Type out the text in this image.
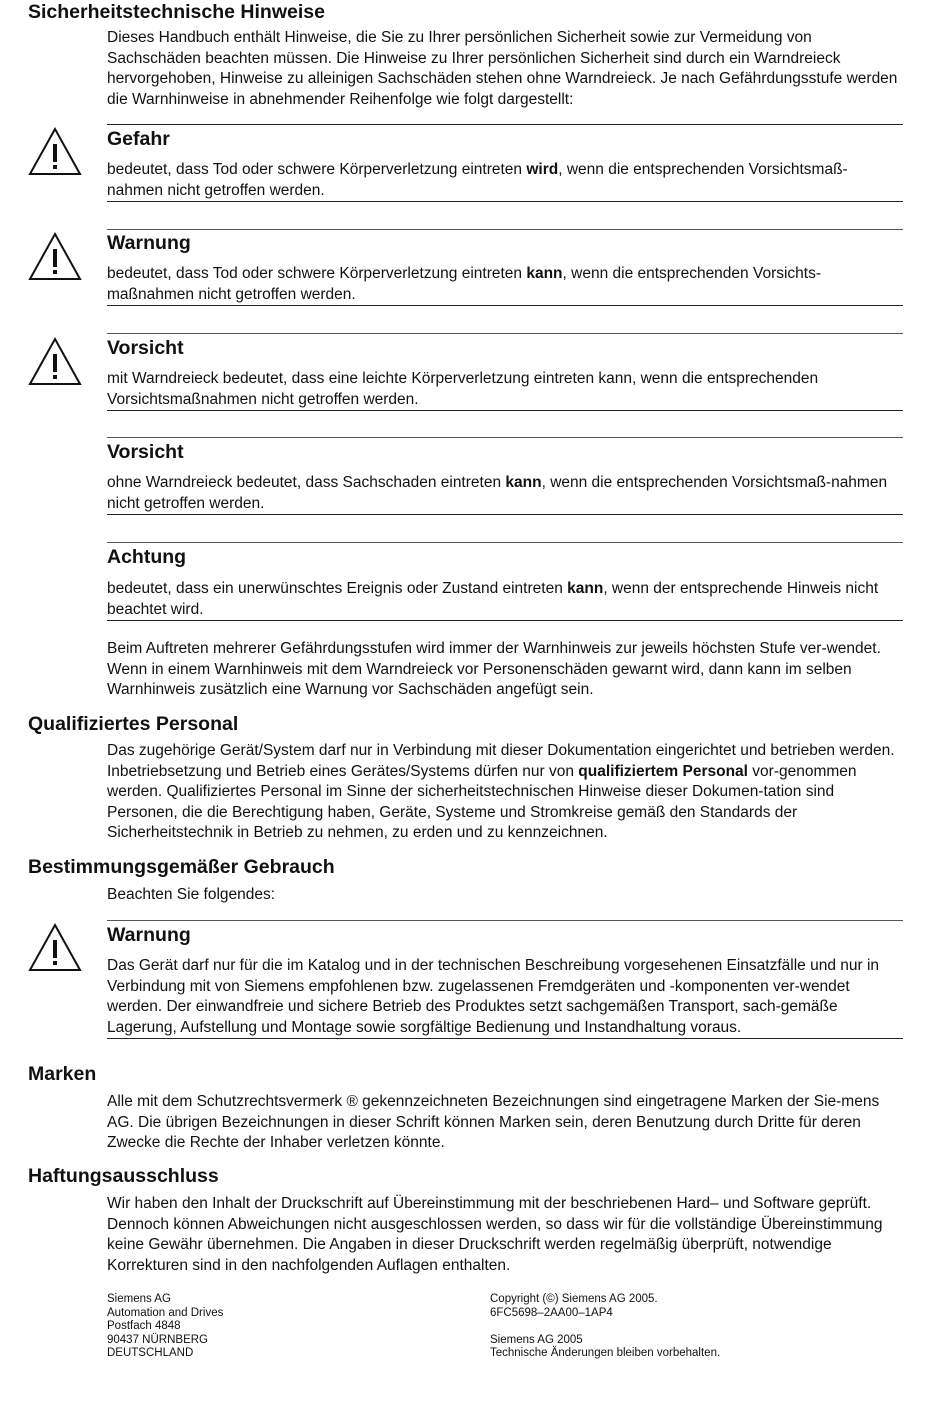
Sicherheitstechnische Hinweise
Dieses Handbuch enthält Hinweise, die Sie zu Ihrer persönlichen Sicherheit sowie zur Vermeidung von Sachschäden beachten müssen. Die Hinweise zu Ihrer persönlichen Sicherheit sind durch ein Warndreieck hervorgehoben, Hinweise zu alleinigen Sachschäden stehen ohne Warndreieck. Je nach Gefährdungsstufe werden die Warnhinweise in abnehmender Reihenfolge wie folgt dargestellt:
Gefahr
bedeutet, dass Tod oder schwere Körperverletzung eintreten wird, wenn die entsprechenden Vorsichtsmaß-nahmen nicht getroffen werden.
Warnung
bedeutet, dass Tod oder schwere Körperverletzung eintreten kann, wenn die entsprechenden Vorsichts-maßnahmen nicht getroffen werden.
Vorsicht
mit Warndreieck bedeutet, dass eine leichte Körperverletzung eintreten kann, wenn die entsprechenden Vorsichtsmaßnahmen nicht getroffen werden.
Vorsicht
ohne Warndreieck bedeutet, dass Sachschaden eintreten kann, wenn die entsprechenden Vorsichtsmaß-nahmen nicht getroffen werden.
Achtung
bedeutet, dass ein unerwünschtes Ereignis oder Zustand eintreten kann, wenn der entsprechende Hinweis nicht beachtet wird.
Beim Auftreten mehrerer Gefährdungsstufen wird immer der Warnhinweis zur jeweils höchsten Stufe ver-wendet. Wenn in einem Warnhinweis mit dem Warndreieck vor Personenschäden gewarnt wird, dann kann im selben Warnhinweis zusätzlich eine Warnung vor Sachschäden angefügt sein.
Qualifiziertes Personal
Das zugehörige Gerät/System darf nur in Verbindung mit dieser Dokumentation eingerichtet und betrieben werden. Inbetriebsetzung und Betrieb eines Gerätes/Systems dürfen nur von qualifiziertem Personal vor-genommen werden. Qualifiziertes Personal im Sinne der sicherheitstechnischen Hinweise dieser Dokumen-tation sind Personen, die die Berechtigung haben, Geräte, Systeme und Stromkreise gemäß den Standards der Sicherheitstechnik in Betrieb zu nehmen, zu erden und zu kennzeichnen.
Bestimmungsgemäßer Gebrauch
Beachten Sie folgendes:
Warnung
Das Gerät darf nur für die im Katalog und in der technischen Beschreibung vorgesehenen Einsatzfälle und nur in Verbindung mit von Siemens empfohlenen bzw. zugelassenen Fremdgeräten und -komponenten ver-wendet werden. Der einwandfreie und sichere Betrieb des Produktes setzt sachgemäßen Transport, sach-gemäße Lagerung, Aufstellung und Montage sowie sorgfältige Bedienung und Instandhaltung voraus.
Marken
Alle mit dem Schutzrechtsvermerk ® gekennzeichneten Bezeichnungen sind eingetragene Marken der Sie-mens AG. Die übrigen Bezeichnungen in dieser Schrift können Marken sein, deren Benutzung durch Dritte für deren Zwecke die Rechte der Inhaber verletzen könnte.
Haftungsausschluss
Wir haben den Inhalt der Druckschrift auf Übereinstimmung mit der beschriebenen Hard– und Software geprüft. Dennoch können Abweichungen nicht ausgeschlossen werden, so dass wir für die vollständige Übereinstimmung keine Gewähr übernehmen. Die Angaben in dieser Druckschrift werden regelmäßig überprüft, notwendige Korrekturen sind in den nachfolgenden Auflagen enthalten.
Siemens AG
Automation and Drives
Postfach 4848
90437 NÜRNBERG
DEUTSCHLAND
Copyright (©) Siemens AG 2005.
6FC5698–2AA00–1AP4
Siemens AG 2005
Technische Änderungen bleiben vorbehalten.
